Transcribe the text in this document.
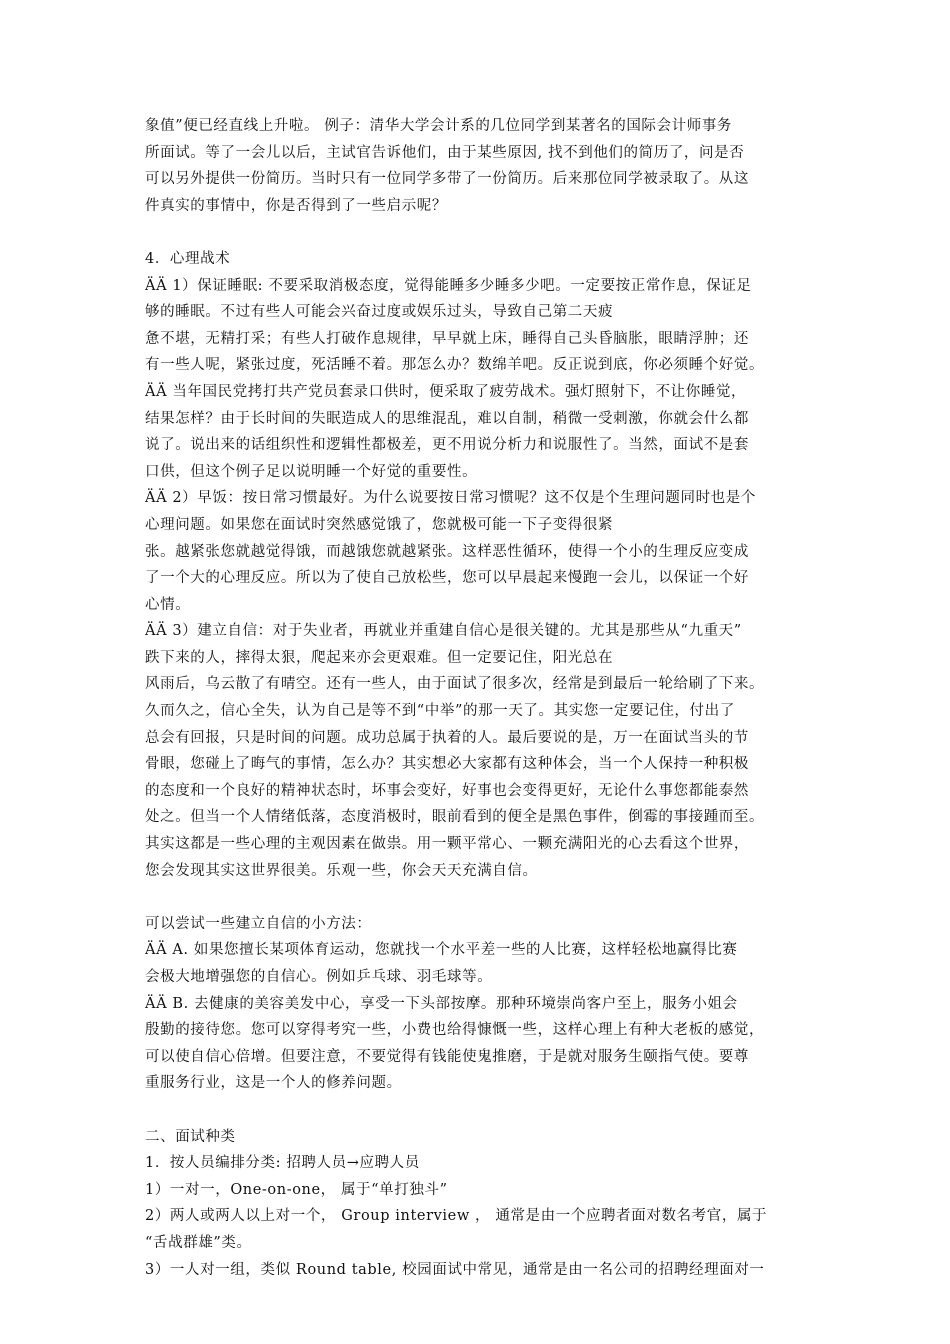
象值”便已经直线上升啦。 例子：清华大学会计系的几位同学到某著名的国际会计师事务
所面试。等了一会儿以后，主试官告诉他们，由于某些原因, 找不到他们的简历了，问是否
可以另外提供一份简历。当时只有一位同学多带了一份简历。后来那位同学被录取了。从这
件真实的事情中，你是否得到了一些启示呢？
4．心理战术
ÄÄ 1）保证睡眠: 不要采取消极态度，觉得能睡多少睡多少吧。一定要按正常作息，保证足
够的睡眠。不过有些人可能会兴奋过度或娱乐过头，导致自己第二天疲
惫不堪，无精打采；有些人打破作息规律，早早就上床，睡得自己头昏脑胀，眼睛浮肿；还
有一些人呢，紧张过度，死活睡不着。那怎么办？数绵羊吧。反正说到底，你必须睡个好觉。
ÄÄ 当年国民党拷打共产党员套录口供时，便采取了疲劳战术。强灯照射下，不让你睡觉，
结果怎样？由于长时间的失眠造成人的思维混乱，难以自制，稍微一受刺激，你就会什么都
说了。说出来的话组织性和逻辑性都极差，更不用说分析力和说服性了。当然，面试不是套
口供，但这个例子足以说明睡一个好觉的重要性。
ÄÄ 2）早饭：按日常习惯最好。为什么说要按日常习惯呢？这不仅是个生理问题同时也是个
心理问题。如果您在面试时突然感觉饿了，您就极可能一下子变得很紧
张。越紧张您就越觉得饿，而越饿您就越紧张。这样恶性循环，使得一个小的生理反应变成
了一个大的心理反应。所以为了使自己放松些，您可以早晨起来慢跑一会儿，以保证一个好
心情。
ÄÄ 3）建立自信：对于失业者，再就业并重建自信心是很关键的。尤其是那些从“九重天”
跌下来的人，摔得太狠，爬起来亦会更艰难。但一定要记住，阳光总在
风雨后，乌云散了有晴空。还有一些人，由于面试了很多次，经常是到最后一轮给刷了下来。
久而久之，信心全失，认为自己是等不到“中举”的那一天了。其实您一定要记住，付出了
总会有回报，只是时间的问题。成功总属于执着的人。最后要说的是，万一在面试当头的节
骨眼，您碰上了晦气的事情，怎么办？其实想必大家都有这种体会，当一个人保持一种积极
的态度和一个良好的精神状态时，坏事会变好，好事也会变得更好，无论什么事您都能泰然
处之。但当一个人情绪低落，态度消极时，眼前看到的便全是黑色事件，倒霉的事接踵而至。
其实这都是一些心理的主观因素在做祟。用一颗平常心、一颗充满阳光的心去看这个世界，
您会发现其实这世界很美。乐观一些，你会天天充满自信。
可以尝试一些建立自信的小方法：
ÄÄ A. 如果您擅长某项体育运动，您就找一个水平差一些的人比赛，这样轻松地赢得比赛
会极大地增强您的自信心。例如乒乓球、羽毛球等。
ÄÄ B. 去健康的美容美发中心，享受一下头部按摩。那种环境崇尚客户至上，服务小姐会
殷勤的接待您。您可以穿得考究一些，小费也给得慷慨一些，这样心理上有种大老板的感觉，
可以使自信心倍增。但要注意，不要觉得有钱能使鬼推磨，于是就对服务生颐指气使。要尊
重服务行业，这是一个人的修养问题。
二、面试种类
1．按人员编排分类: 招聘人员→应聘人员
1）一对一，One-on-one， 属于“单打独斗”
2）两人或两人以上对一个， Group interview ， 通常是由一个应聘者面对数名考官，属于
“舌战群雄”类。
3）一人对一组，类似 Round table, 校园面试中常见，通常是由一名公司的招聘经理面对一
